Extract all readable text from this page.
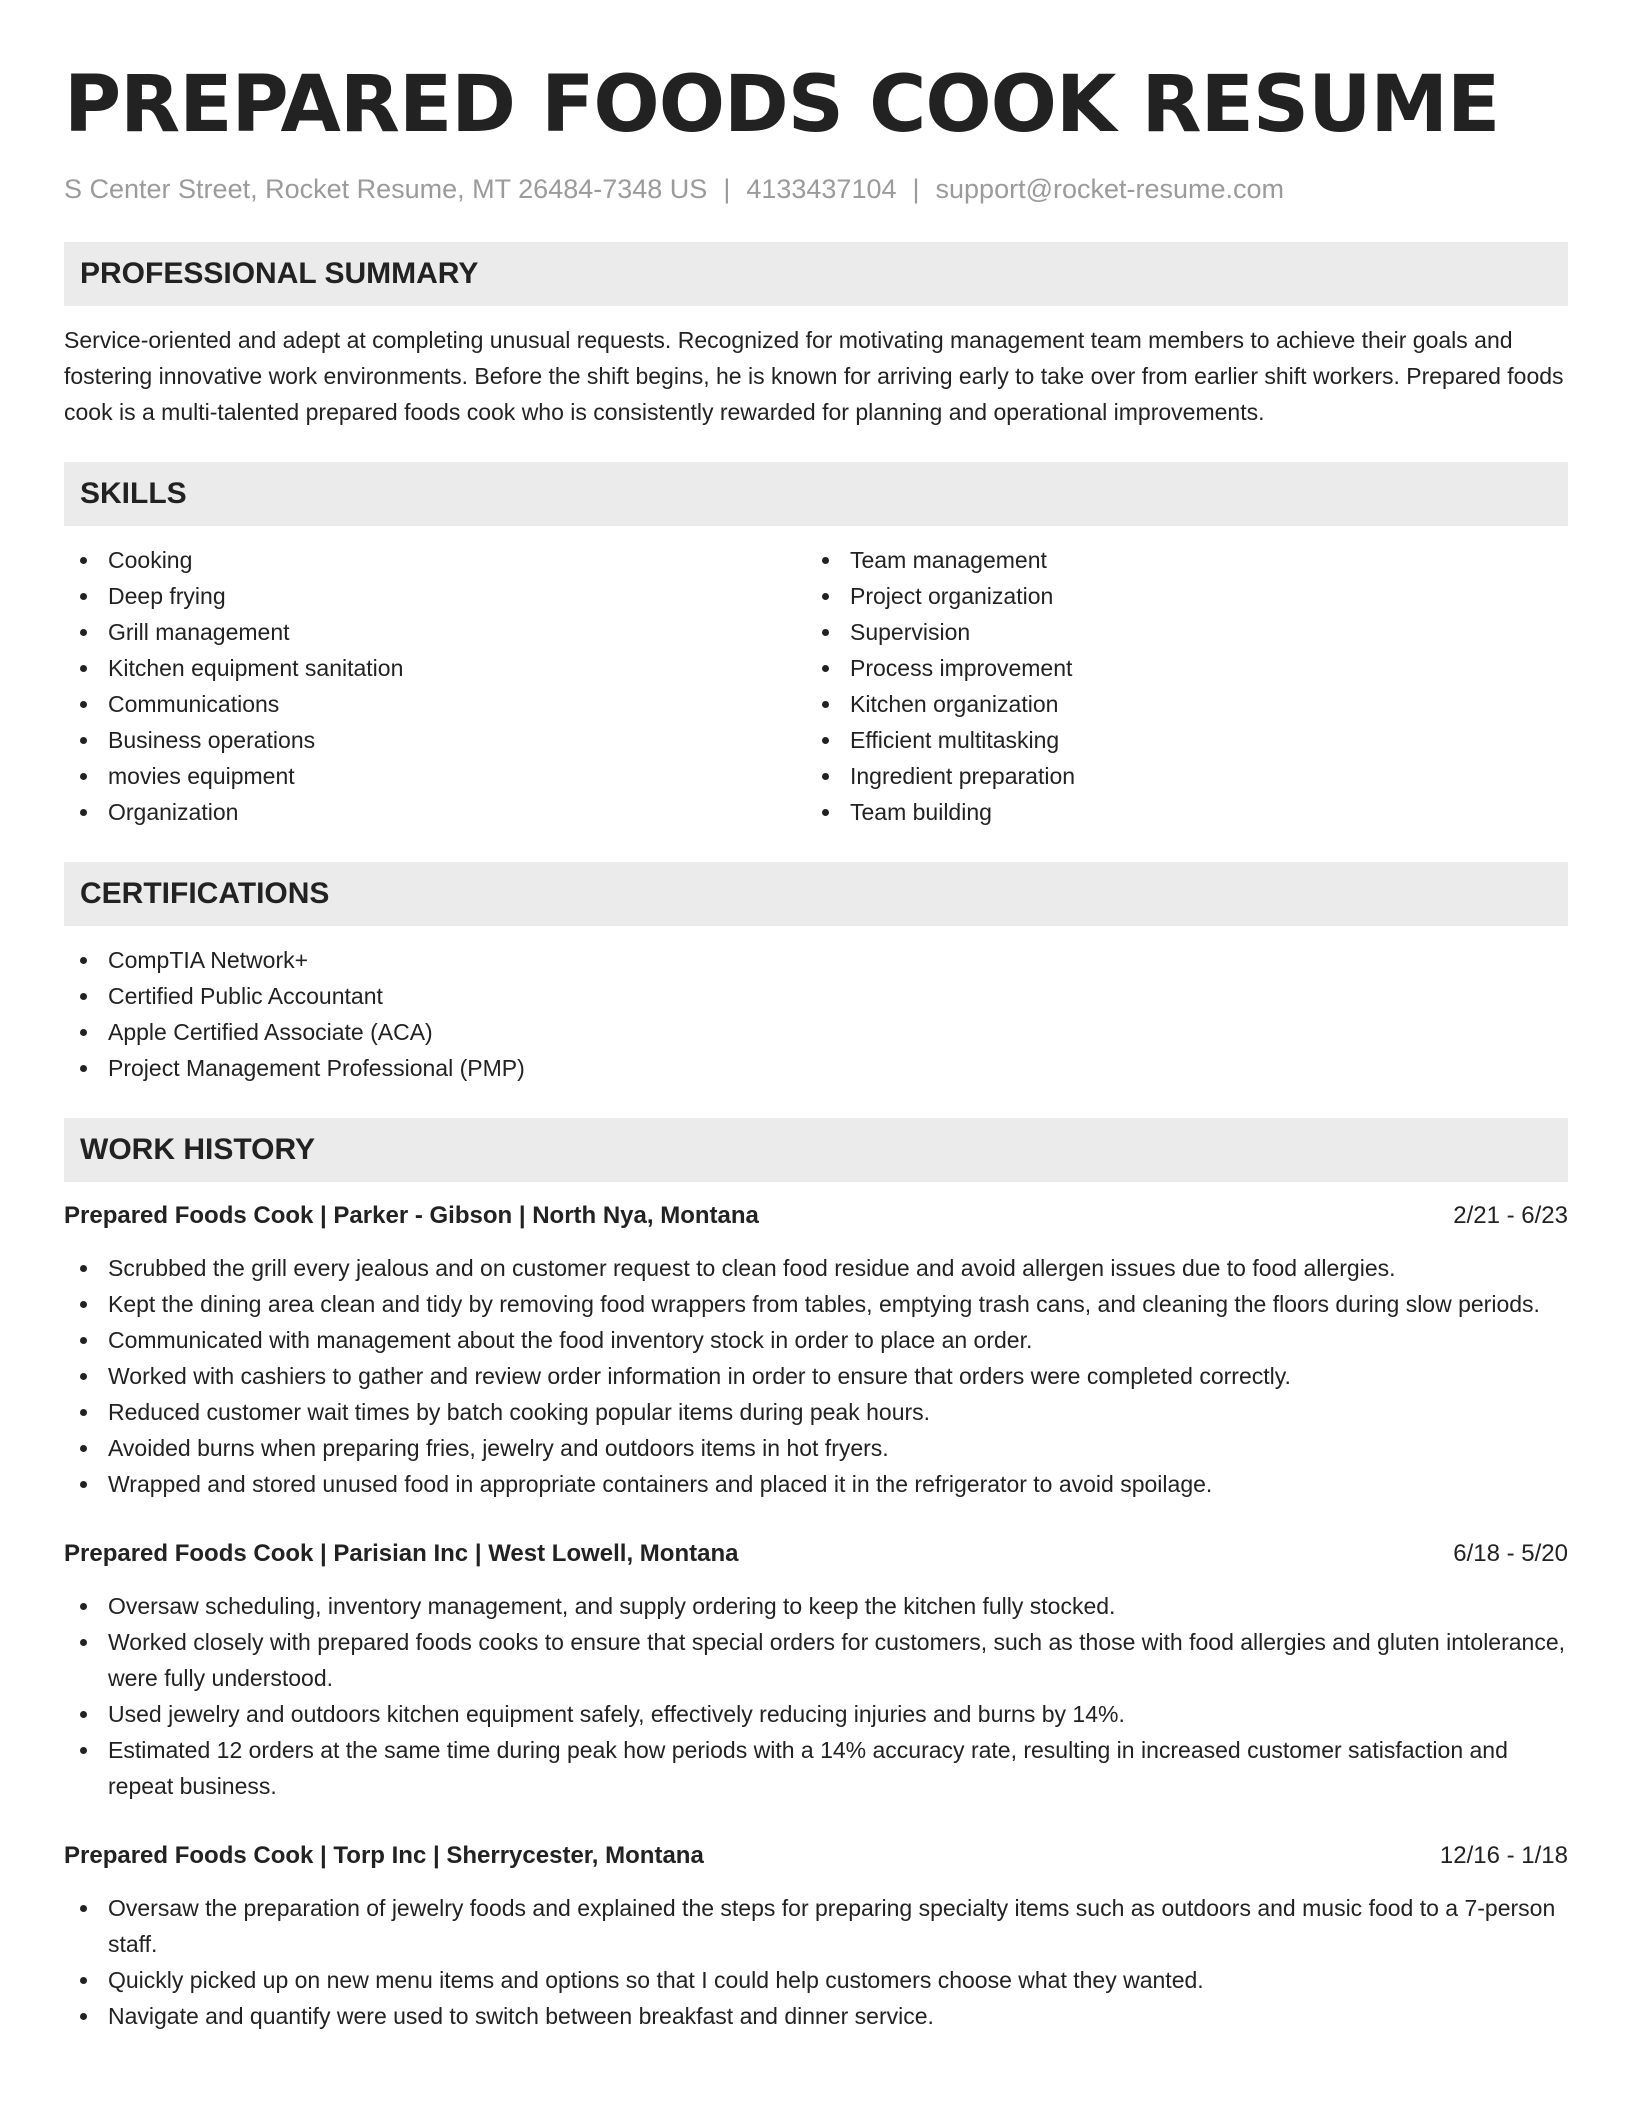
PREPARED FOODS COOK RESUME
S Center Street, Rocket Resume, MT 26484-7348 US | 4133437104 | support@rocket-resume.com
PROFESSIONAL SUMMARY

Service-oriented and adept at completing unusual requests. Recognized for motivating management team members to achieve their goals and fostering innovative work environments. Before the shift begins, he is known for arriving early to take over from earlier shift workers. Prepared foods cook is a multi-talented prepared foods cook who is consistently rewarded for planning and operational improvements.

SKILLS
Cooking
Deep frying
Grill management
Kitchen equipment sanitation
Communications
Business operations
movies equipment
Organization
Team management
Project organization
Supervision
Process improvement
Kitchen organization
Efficient multitasking
Ingredient preparation
Team building
CERTIFICATIONS
CompTIA Network+
Certified Public Accountant
Apple Certified Associate (ACA)
Project Management Professional (PMP)
WORK HISTORY
Prepared Foods Cook | Parker - Gibson | North Nya, Montana	2/21 - 6/23
Scrubbed the grill every jealous and on customer request to clean food residue and avoid allergen issues due to food allergies.
Kept the dining area clean and tidy by removing food wrappers from tables, emptying trash cans, and cleaning the floors during slow periods.
Communicated with management about the food inventory stock in order to place an order.
Worked with cashiers to gather and review order information in order to ensure that orders were completed correctly.
Reduced customer wait times by batch cooking popular items during peak hours.
Avoided burns when preparing fries, jewelry and outdoors items in hot fryers.
Wrapped and stored unused food in appropriate containers and placed it in the refrigerator to avoid spoilage.
Prepared Foods Cook | Parisian Inc | West Lowell, Montana	6/18 - 5/20
Oversaw scheduling, inventory management, and supply ordering to keep the kitchen fully stocked.
Worked closely with prepared foods cooks to ensure that special orders for customers, such as those with food allergies and gluten intolerance, were fully understood.
Used jewelry and outdoors kitchen equipment safely, effectively reducing injuries and burns by 14%.
Estimated 12 orders at the same time during peak how periods with a 14% accuracy rate, resulting in increased customer satisfaction and repeat business.
Prepared Foods Cook | Torp Inc | Sherrycester, Montana	12/16 - 1/18
Oversaw the preparation of jewelry foods and explained the steps for preparing specialty items such as outdoors and music food to a 7-person staff.
Quickly picked up on new menu items and options so that I could help customers choose what they wanted.
Navigate and quantify were used to switch between breakfast and dinner service.
